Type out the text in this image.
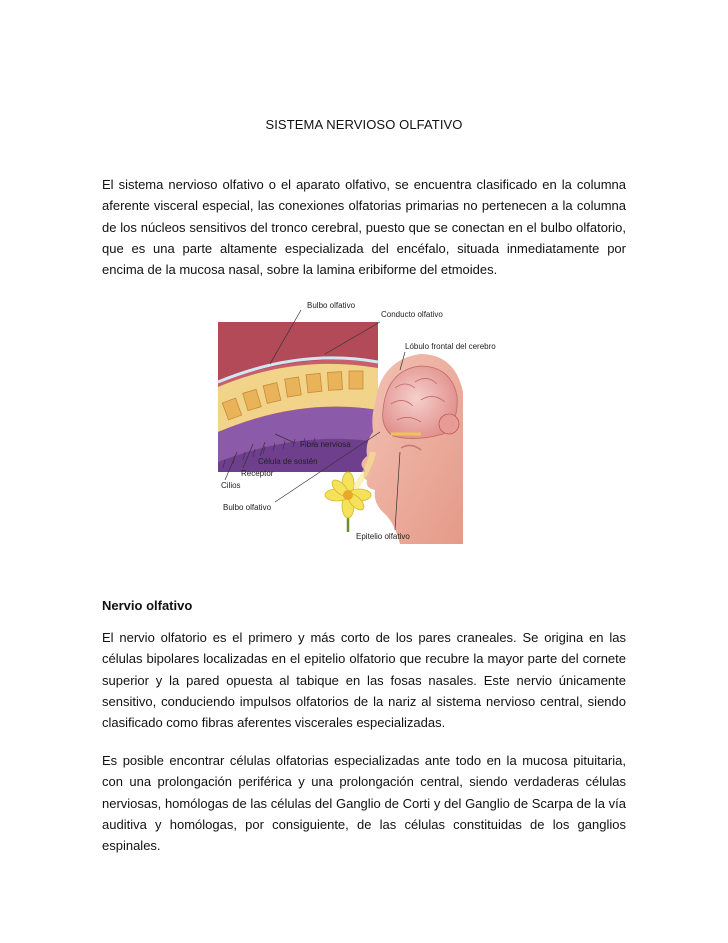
SISTEMA NERVIOSO OLFATIVO

El sistema nervioso olfativo o el aparato olfativo, se encuentra clasificado en la columna aferente visceral especial, las conexiones olfatorias primarias no pertenecen a la columna de los núcleos sensitivos del tronco cerebral, puesto que se conectan en el bulbo olfatorio, que es una parte altamente especializada del encéfalo, situada inmediatamente por encima de la mucosa nasal, sobre la lamina eribiforme del etmoides.

Bulbo olfativo
Conducto olfativo
Lóbulo frontal del cerebro
Fibra nerviosa
Célula de sostén
Receptor
Cilios
Bulbo olfativo
Epitelio olfativo

Nervio olfativo

El nervio olfatorio es el primero y más corto de los pares craneales. Se origina en las células bipolares localizadas en el epitelio olfatorio que recubre la mayor parte del cornete superior y la pared opuesta al tabique en las fosas nasales. Este nervio únicamente sensitivo, conduciendo impulsos olfatorios de la nariz al sistema nervioso central, siendo clasificado como fibras aferentes viscerales especializadas.

Es posible encontrar células olfatorias especializadas ante todo en la mucosa pituitaria, con una prolongación periférica y una prolongación central, siendo verdaderas células nerviosas, homólogas de las células del Ganglio de Corti y del Ganglio de Scarpa de la vía auditiva y homólogas, por consiguiente, de las células constituidas de los ganglios espinales.
